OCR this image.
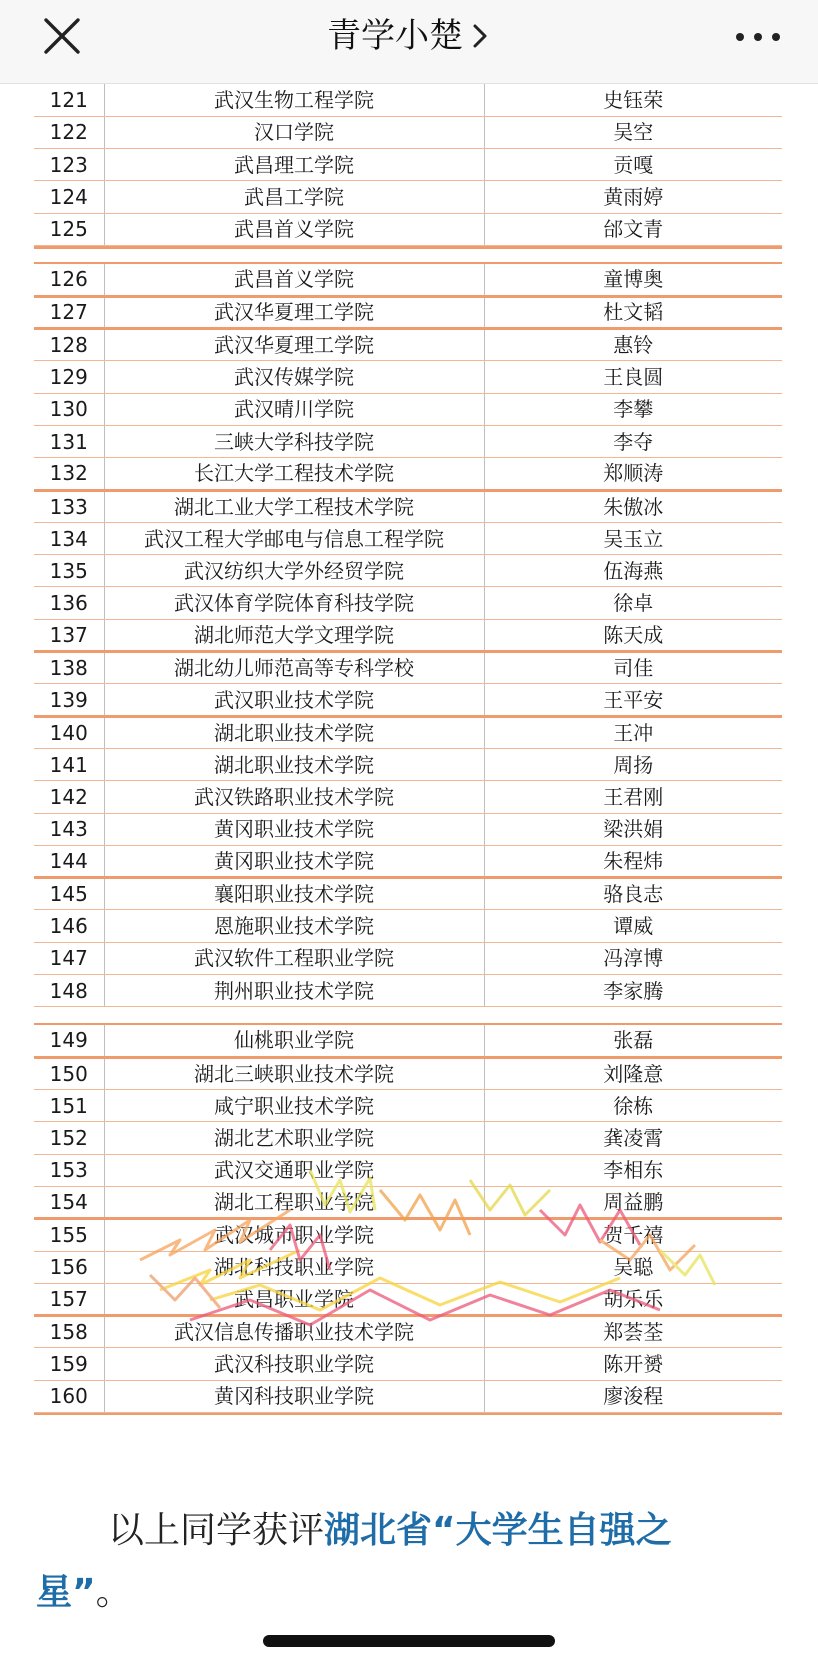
青学小楚
121	武汉生物工程学院	史钰荣
122	汉口学院	吴空
123	武昌理工学院	贡嘎
124	武昌工学院	黄雨婷
125	武昌首义学院	邰文青
126	武昌首义学院	童博奥
127	武汉华夏理工学院	杜文韬
128	武汉华夏理工学院	惠铃
129	武汉传媒学院	王良圆
130	武汉晴川学院	李攀
131	三峡大学科技学院	李夺
132	长江大学工程技术学院	郑顺涛
133	湖北工业大学工程技术学院	朱傲冰
134	武汉工程大学邮电与信息工程学院	吴玉立
135	武汉纺织大学外经贸学院	伍海燕
136	武汉体育学院体育科技学院	徐卓
137	湖北师范大学文理学院	陈天成
138	湖北幼儿师范高等专科学校	司佳
139	武汉职业技术学院	王平安
140	湖北职业技术学院	王冲
141	湖北职业技术学院	周扬
142	武汉铁路职业技术学院	王君刚
143	黄冈职业技术学院	梁洪娟
144	黄冈职业技术学院	朱程炜
145	襄阳职业技术学院	骆良志
146	恩施职业技术学院	谭威
147	武汉软件工程职业学院	冯淳博
148	荆州职业技术学院	李家腾
149	仙桃职业学院	张磊
150	湖北三峡职业技术学院	刘隆意
151	咸宁职业技术学院	徐栋
152	湖北艺术职业学院	龚凌霄
153	武汉交通职业学院	李相东
154	湖北工程职业学院	周益鹏
155	武汉城市职业学院	贺千禧
156	湖北科技职业学院	吴聪
157	武昌职业学院	胡乐乐
158	武汉信息传播职业技术学院	郑荟荃
159	武汉科技职业学院	陈开赟
160	黄冈科技职业学院	廖浚程
以上同学获评湖北省“大学生自强之星”。
